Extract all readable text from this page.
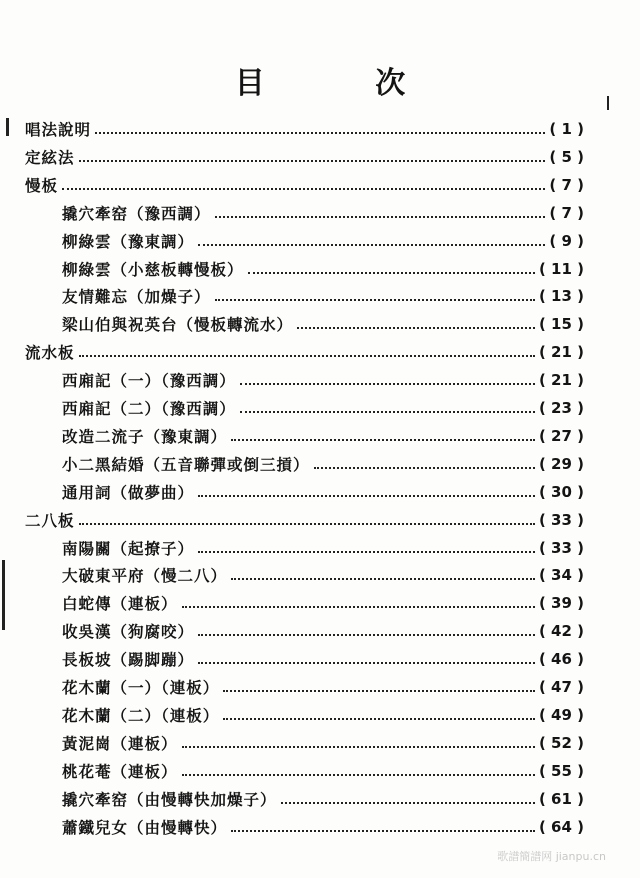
目 次
唱法說明	( 1 )
定絃法	( 5 )
慢板	( 7 )
撬穴牽窑（豫西調）	( 7 )
柳綠雲（豫東調）	( 9 )
柳綠雲（小慈板轉慢板）	( 11 )
友情難忘（加燥子）	( 13 )
梁山伯與祝英台（慢板轉流水）	( 15 )
流水板	( 21 )
西廂記（一）（豫西調）	( 21 )
西廂記（二）（豫西調）	( 23 )
改造二流子（豫東調）	( 27 )
小二黑結婚（五音聯彈或倒三摃）	( 29 )
通用詞（做夢曲）	( 30 )
二八板	( 33 )
南陽關（起撩子）	( 33 )
大破東平府（慢二八）	( 34 )
白蛇傳（連板）	( 39 )
收吳漢（狗腐咬）	( 42 )
長板坡（踢脚蹦）	( 46 )
花木蘭（一）（連板）	( 47 )
花木蘭（二）（連板）	( 49 )
黃泥崗（連板）	( 52 )
桃花菴（連板）	( 55 )
撬穴牽窑（由慢轉快加燥子）	( 61 )
蕭鐵兒女（由慢轉快）	( 64 )
歌譜簡譜网 jianpu.cn
